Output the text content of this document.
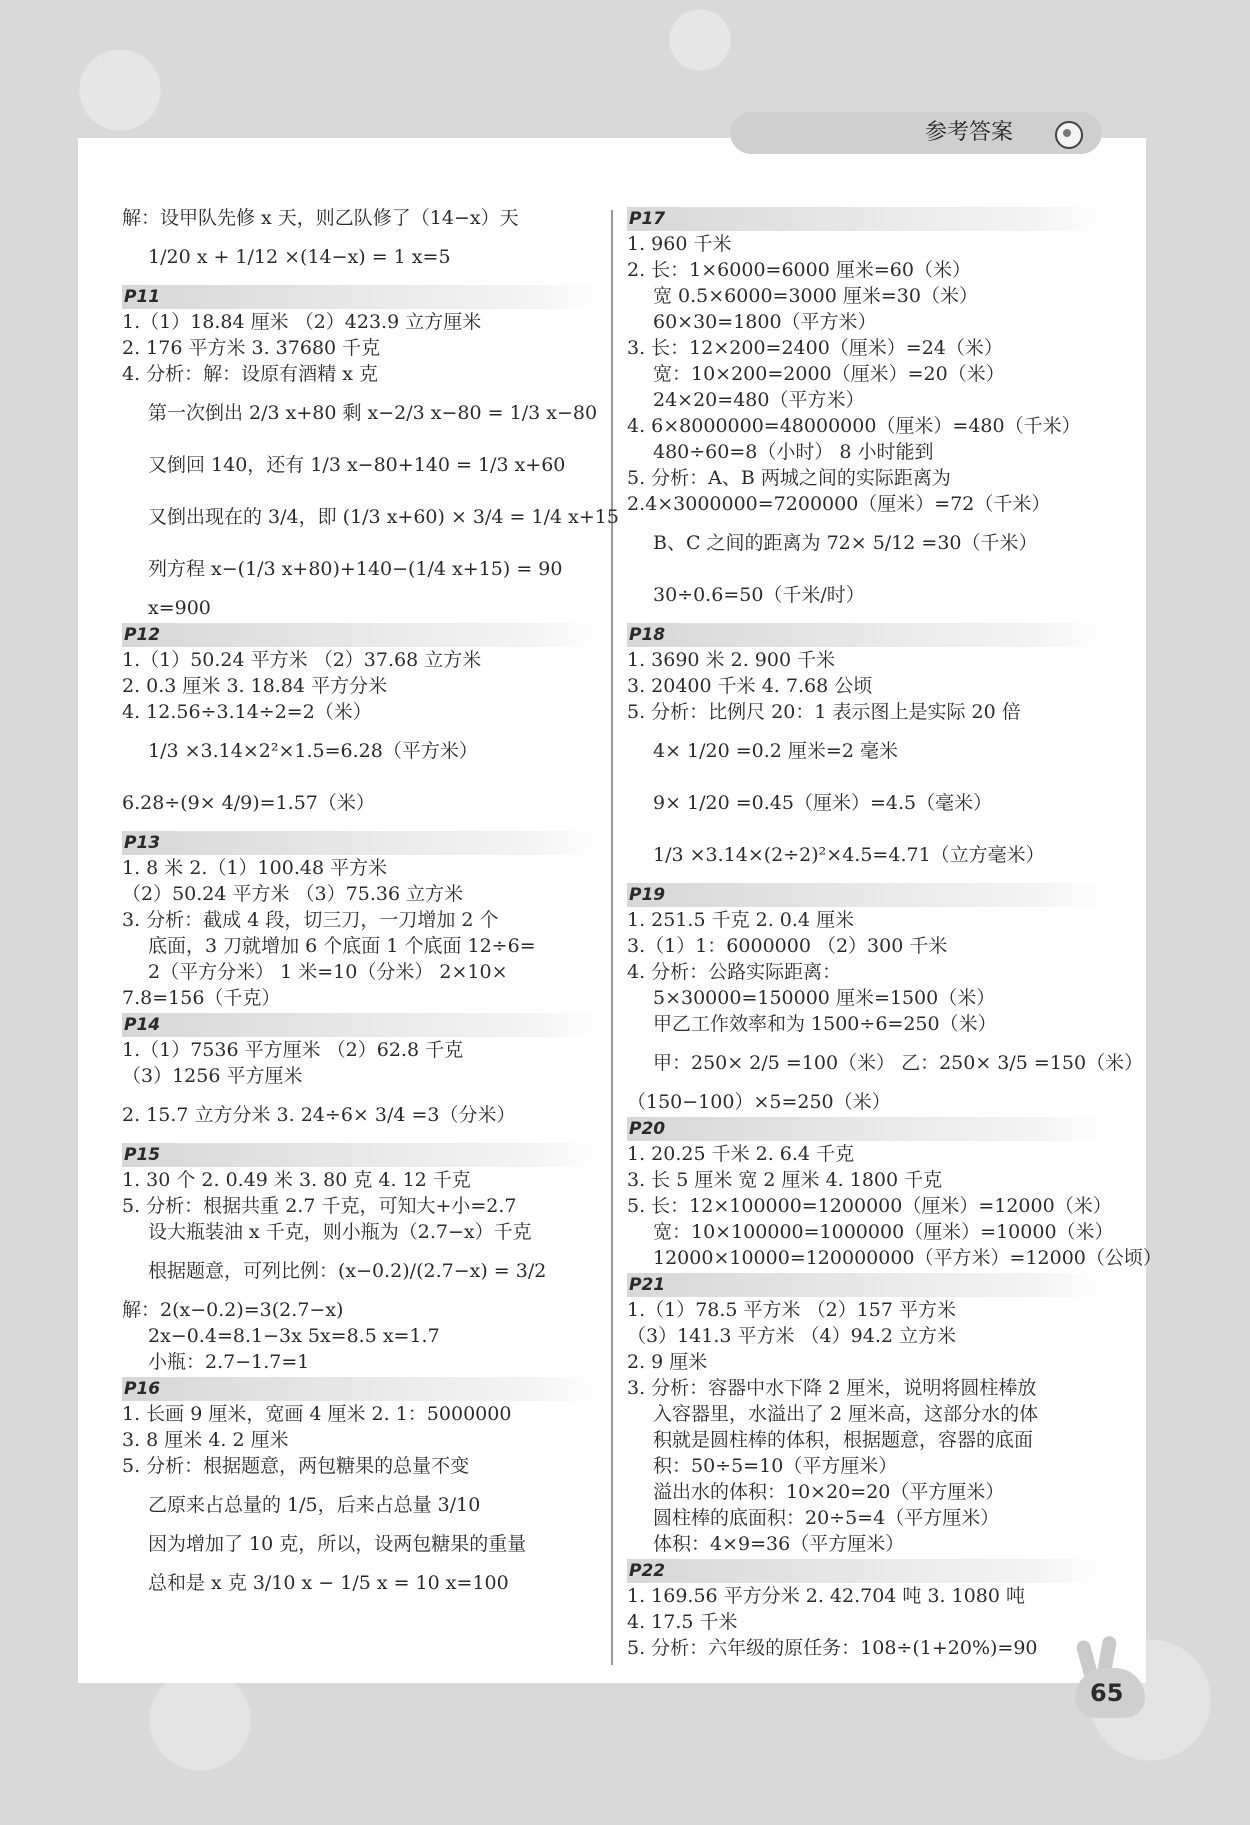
参考答案
解：设甲队先修 x 天，则乙队修了（14−x）天
1/20 x + 1/12 ×(14−x) = 1 x=5
P11
1.（1）18.84 厘米 （2）423.9 立方厘米
2. 176 平方米 3. 37680 千克
4. 分析：解：设原有酒精 x 克
第一次倒出 2/3 x+80 剩 x−2/3 x−80 = 1/3 x−80
又倒回 140，还有 1/3 x−80+140 = 1/3 x+60
又倒出现在的 3/4，即 (1/3 x+60) × 3/4 = 1/4 x+15
列方程 x−(1/3 x+80)+140−(1/4 x+15) = 90
x=900
P12
1.（1）50.24 平方米 （2）37.68 立方米
2. 0.3 厘米 3. 18.84 平方分米
4. 12.56÷3.14÷2=2（米）
1/3 ×3.14×2²×1.5=6.28（平方米）
6.28÷(9× 4/9)=1.57（米）
P13
1. 8 米 2.（1）100.48 平方米
（2）50.24 平方米 （3）75.36 立方米
3. 分析：截成 4 段，切三刀，一刀增加 2 个
底面，3 刀就增加 6 个底面 1 个底面 12÷6=
2（平方分米） 1 米=10（分米） 2×10×
7.8=156（千克）
P14
1.（1）7536 平方厘米 （2）62.8 千克
（3）1256 平方厘米
2. 15.7 立方分米 3. 24÷6× 3/4 =3（分米）
P15
1. 30 个 2. 0.49 米 3. 80 克 4. 12 千克
5. 分析：根据共重 2.7 千克，可知大+小=2.7
设大瓶装油 x 千克，则小瓶为（2.7−x）千克
根据题意，可列比例：(x−0.2)/(2.7−x) = 3/2
解：2(x−0.2)=3(2.7−x)
2x−0.4=8.1−3x 5x=8.5 x=1.7
小瓶：2.7−1.7=1
P16
1. 长画 9 厘米，宽画 4 厘米 2. 1：5000000
3. 8 厘米 4. 2 厘米
5. 分析：根据题意，两包糖果的总量不变
乙原来占总量的 1/5，后来占总量 3/10
因为增加了 10 克，所以，设两包糖果的重量
总和是 x 克 3/10 x − 1/5 x = 10 x=100
P17
1. 960 千米
2. 长：1×6000=6000 厘米=60（米）
宽 0.5×6000=3000 厘米=30（米）
60×30=1800（平方米）
3. 长：12×200=2400（厘米）=24（米）
宽：10×200=2000（厘米）=20（米）
24×20=480（平方米）
4. 6×8000000=48000000（厘米）=480（千米）
480÷60=8（小时） 8 小时能到
5. 分析：A、B 两城之间的实际距离为
2.4×3000000=7200000（厘米）=72（千米）
B、C 之间的距离为 72× 5/12 =30（千米）
30÷0.6=50（千米/时）
P18
1. 3690 米 2. 900 千米
3. 20400 千米 4. 7.68 公顷
5. 分析：比例尺 20：1 表示图上是实际 20 倍
4× 1/20 =0.2 厘米=2 毫米
9× 1/20 =0.45（厘米）=4.5（毫米）
1/3 ×3.14×(2÷2)²×4.5=4.71（立方毫米）
P19
1. 251.5 千克 2. 0.4 厘米
3.（1）1：6000000 （2）300 千米
4. 分析：公路实际距离：
5×30000=150000 厘米=1500（米）
甲乙工作效率和为 1500÷6=250（米）
甲：250× 2/5 =100（米） 乙：250× 3/5 =150（米）
（150−100）×5=250（米）
P20
1. 20.25 千米 2. 6.4 千克
3. 长 5 厘米 宽 2 厘米 4. 1800 千克
5. 长：12×100000=1200000（厘米）=12000（米）
宽：10×100000=1000000（厘米）=10000（米）
12000×10000=120000000（平方米）=12000（公顷）
P21
1.（1）78.5 平方米 （2）157 平方米
（3）141.3 平方米 （4）94.2 立方米
2. 9 厘米
3. 分析：容器中水下降 2 厘米，说明将圆柱棒放
入容器里，水溢出了 2 厘米高，这部分水的体
积就是圆柱棒的体积，根据题意，容器的底面
积：50÷5=10（平方厘米）
溢出水的体积：10×20=20（平方厘米）
圆柱棒的底面积：20÷5=4（平方厘米）
体积：4×9=36（平方厘米）
P22
1. 169.56 平方分米 2. 42.704 吨 3. 1080 吨
4. 17.5 千米
5. 分析：六年级的原任务：108÷(1+20%)=90
65
